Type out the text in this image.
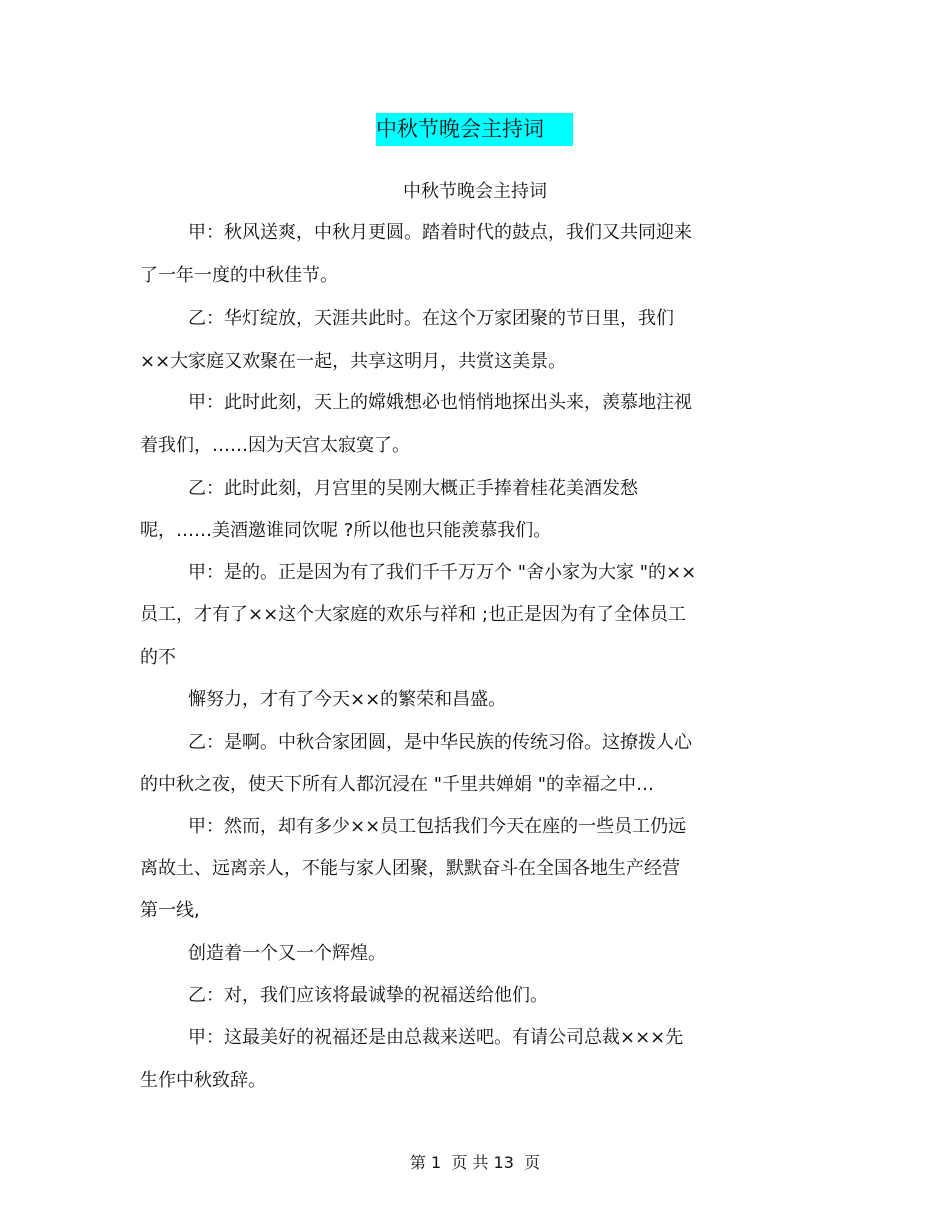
中秋节晚会主持词
中秋节晚会主持词
甲：秋风送爽，中秋月更圆。踏着时代的鼓点，我们又共同迎来
了一年一度的中秋佳节。
乙：华灯绽放，天涯共此时。在这个万家团聚的节日里，我们
××大家庭又欢聚在一起，共享这明月，共赏这美景。
甲：此时此刻，天上的嫦娥想必也悄悄地探出头来，羡慕地注视
着我们，……因为天宫太寂寞了。
乙：此时此刻，月宫里的吴刚大概正手捧着桂花美酒发愁
呢，……美酒邀谁同饮呢 ?所以他也只能羡慕我们。
甲：是的。正是因为有了我们千千万万个 "舍小家为大家 "的××
员工，才有了××这个大家庭的欢乐与祥和 ;也正是因为有了全体员工
的不
懈努力，才有了今天××的繁荣和昌盛。
乙：是啊。中秋合家团圆，是中华民族的传统习俗。这撩拨人心
的中秋之夜，使天下所有人都沉浸在 "千里共婵娟 "的幸福之中…
甲：然而，却有多少××员工包括我们今天在座的一些员工仍远
离故土、远离亲人，不能与家人团聚，默默奋斗在全国各地生产经营
第一线,
创造着一个又一个辉煌。
乙：对，我们应该将最诚挚的祝福送给他们。
甲：这最美好的祝福还是由总裁来送吧。有请公司总裁×××先
生作中秋致辞。
第 1  页 共 13  页
